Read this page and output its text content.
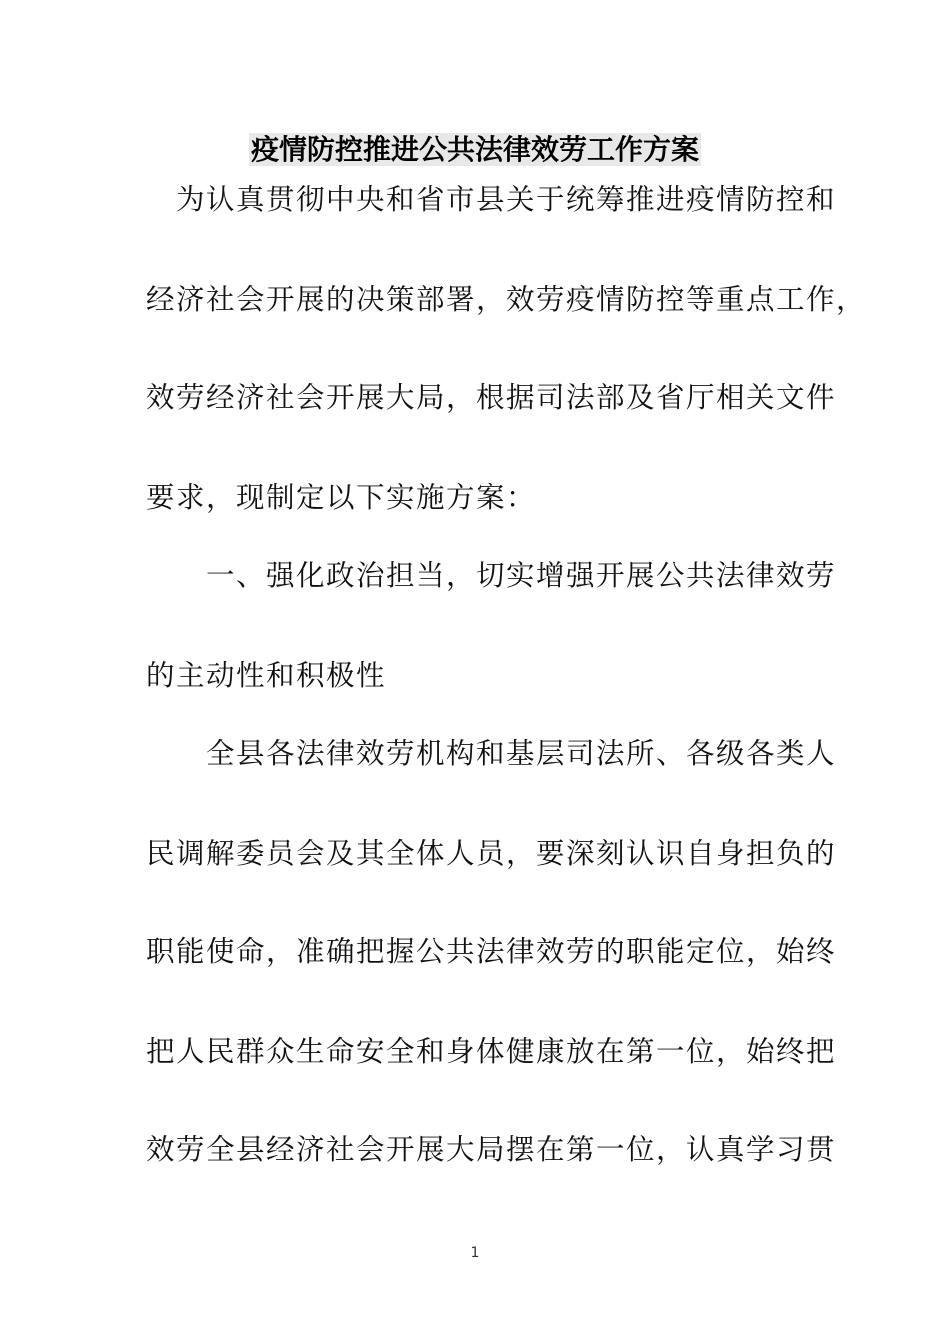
疫情防控推进公共法律效劳工作方案
　为认真贯彻中央和省市县关于统筹推进疫情防控和
经济社会开展的决策部署，效劳疫情防控等重点工作，
效劳经济社会开展大局，根据司法部及省厅相关文件
要求，现制定以下实施方案：
　　一、强化政治担当，切实增强开展公共法律效劳
的主动性和积极性
　　全县各法律效劳机构和基层司法所、各级各类人
民调解委员会及其全体人员，要深刻认识自身担负的
职能使命，准确把握公共法律效劳的职能定位，始终
把人民群众生命安全和身体健康放在第一位，始终把
效劳全县经济社会开展大局摆在第一位，认真学习贯
1
